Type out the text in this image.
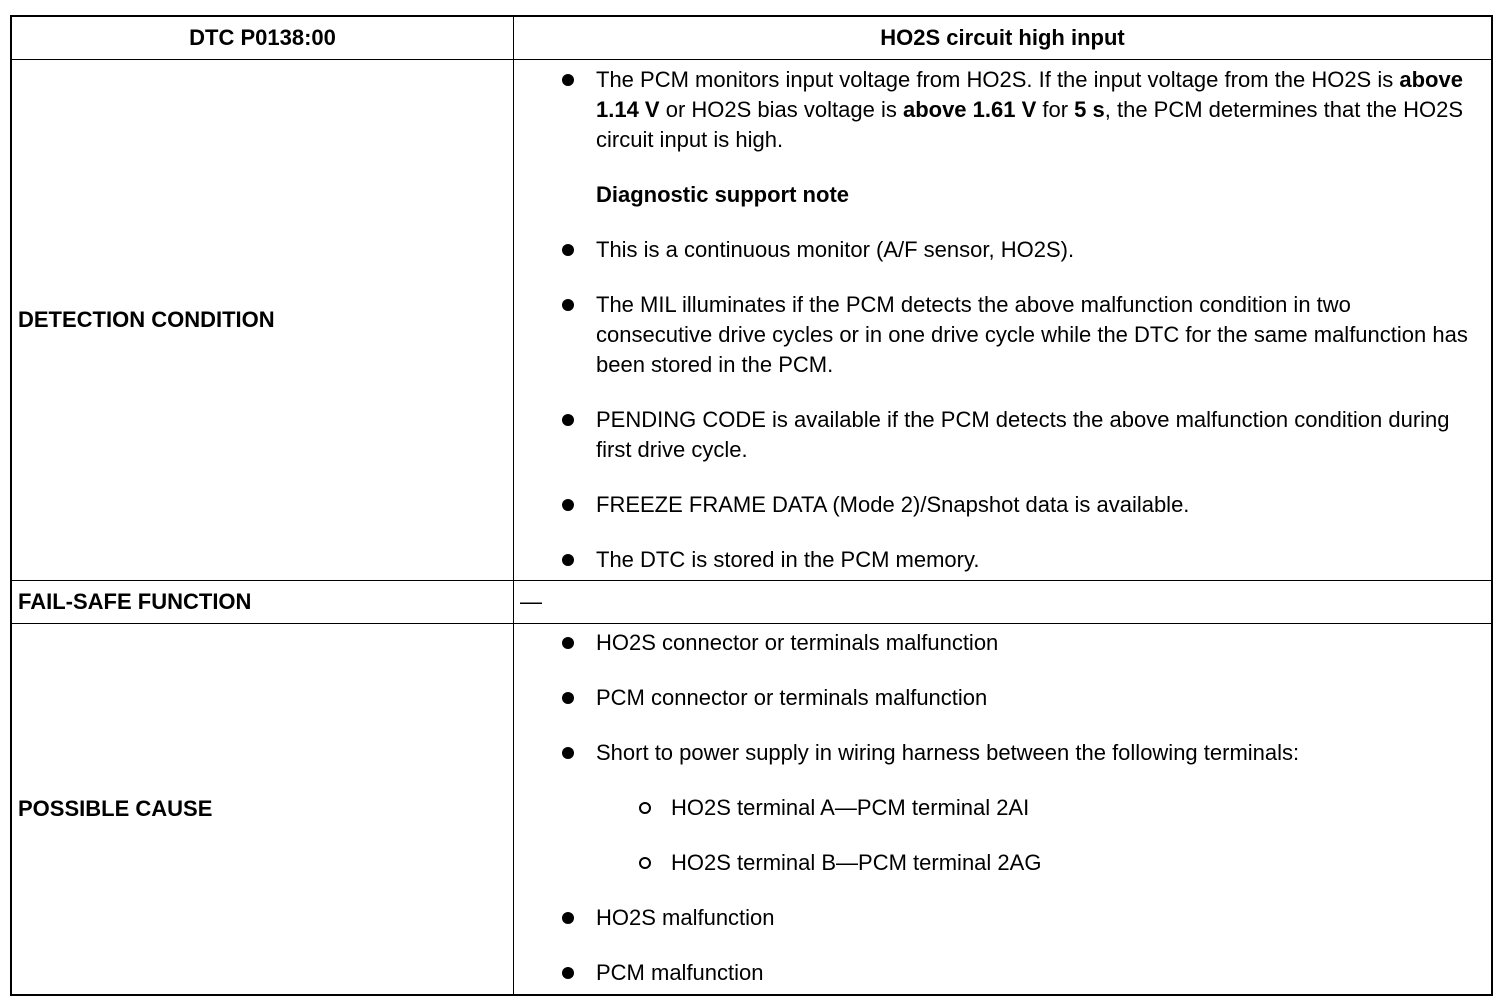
DTC P0138:00	HO2S circuit high input
DETECTION CONDITION
The PCM monitors input voltage from HO2S. If the input voltage from the HO2S is above 1.14 V or HO2S bias voltage is above 1.61 V for 5 s, the PCM determines that the HO2S circuit input is high.
Diagnostic support note
This is a continuous monitor (A/F sensor, HO2S).
The MIL illuminates if the PCM detects the above malfunction condition in two consecutive drive cycles or in one drive cycle while the DTC for the same malfunction has been stored in the PCM.
PENDING CODE is available if the PCM detects the above malfunction condition during first drive cycle.
FREEZE FRAME DATA (Mode 2)/Snapshot data is available.
The DTC is stored in the PCM memory.
FAIL-SAFE FUNCTION	—
POSSIBLE CAUSE
HO2S connector or terminals malfunction
PCM connector or terminals malfunction
Short to power supply in wiring harness between the following terminals:
HO2S terminal A—PCM terminal 2AI
HO2S terminal B—PCM terminal 2AG
HO2S malfunction
PCM malfunction
